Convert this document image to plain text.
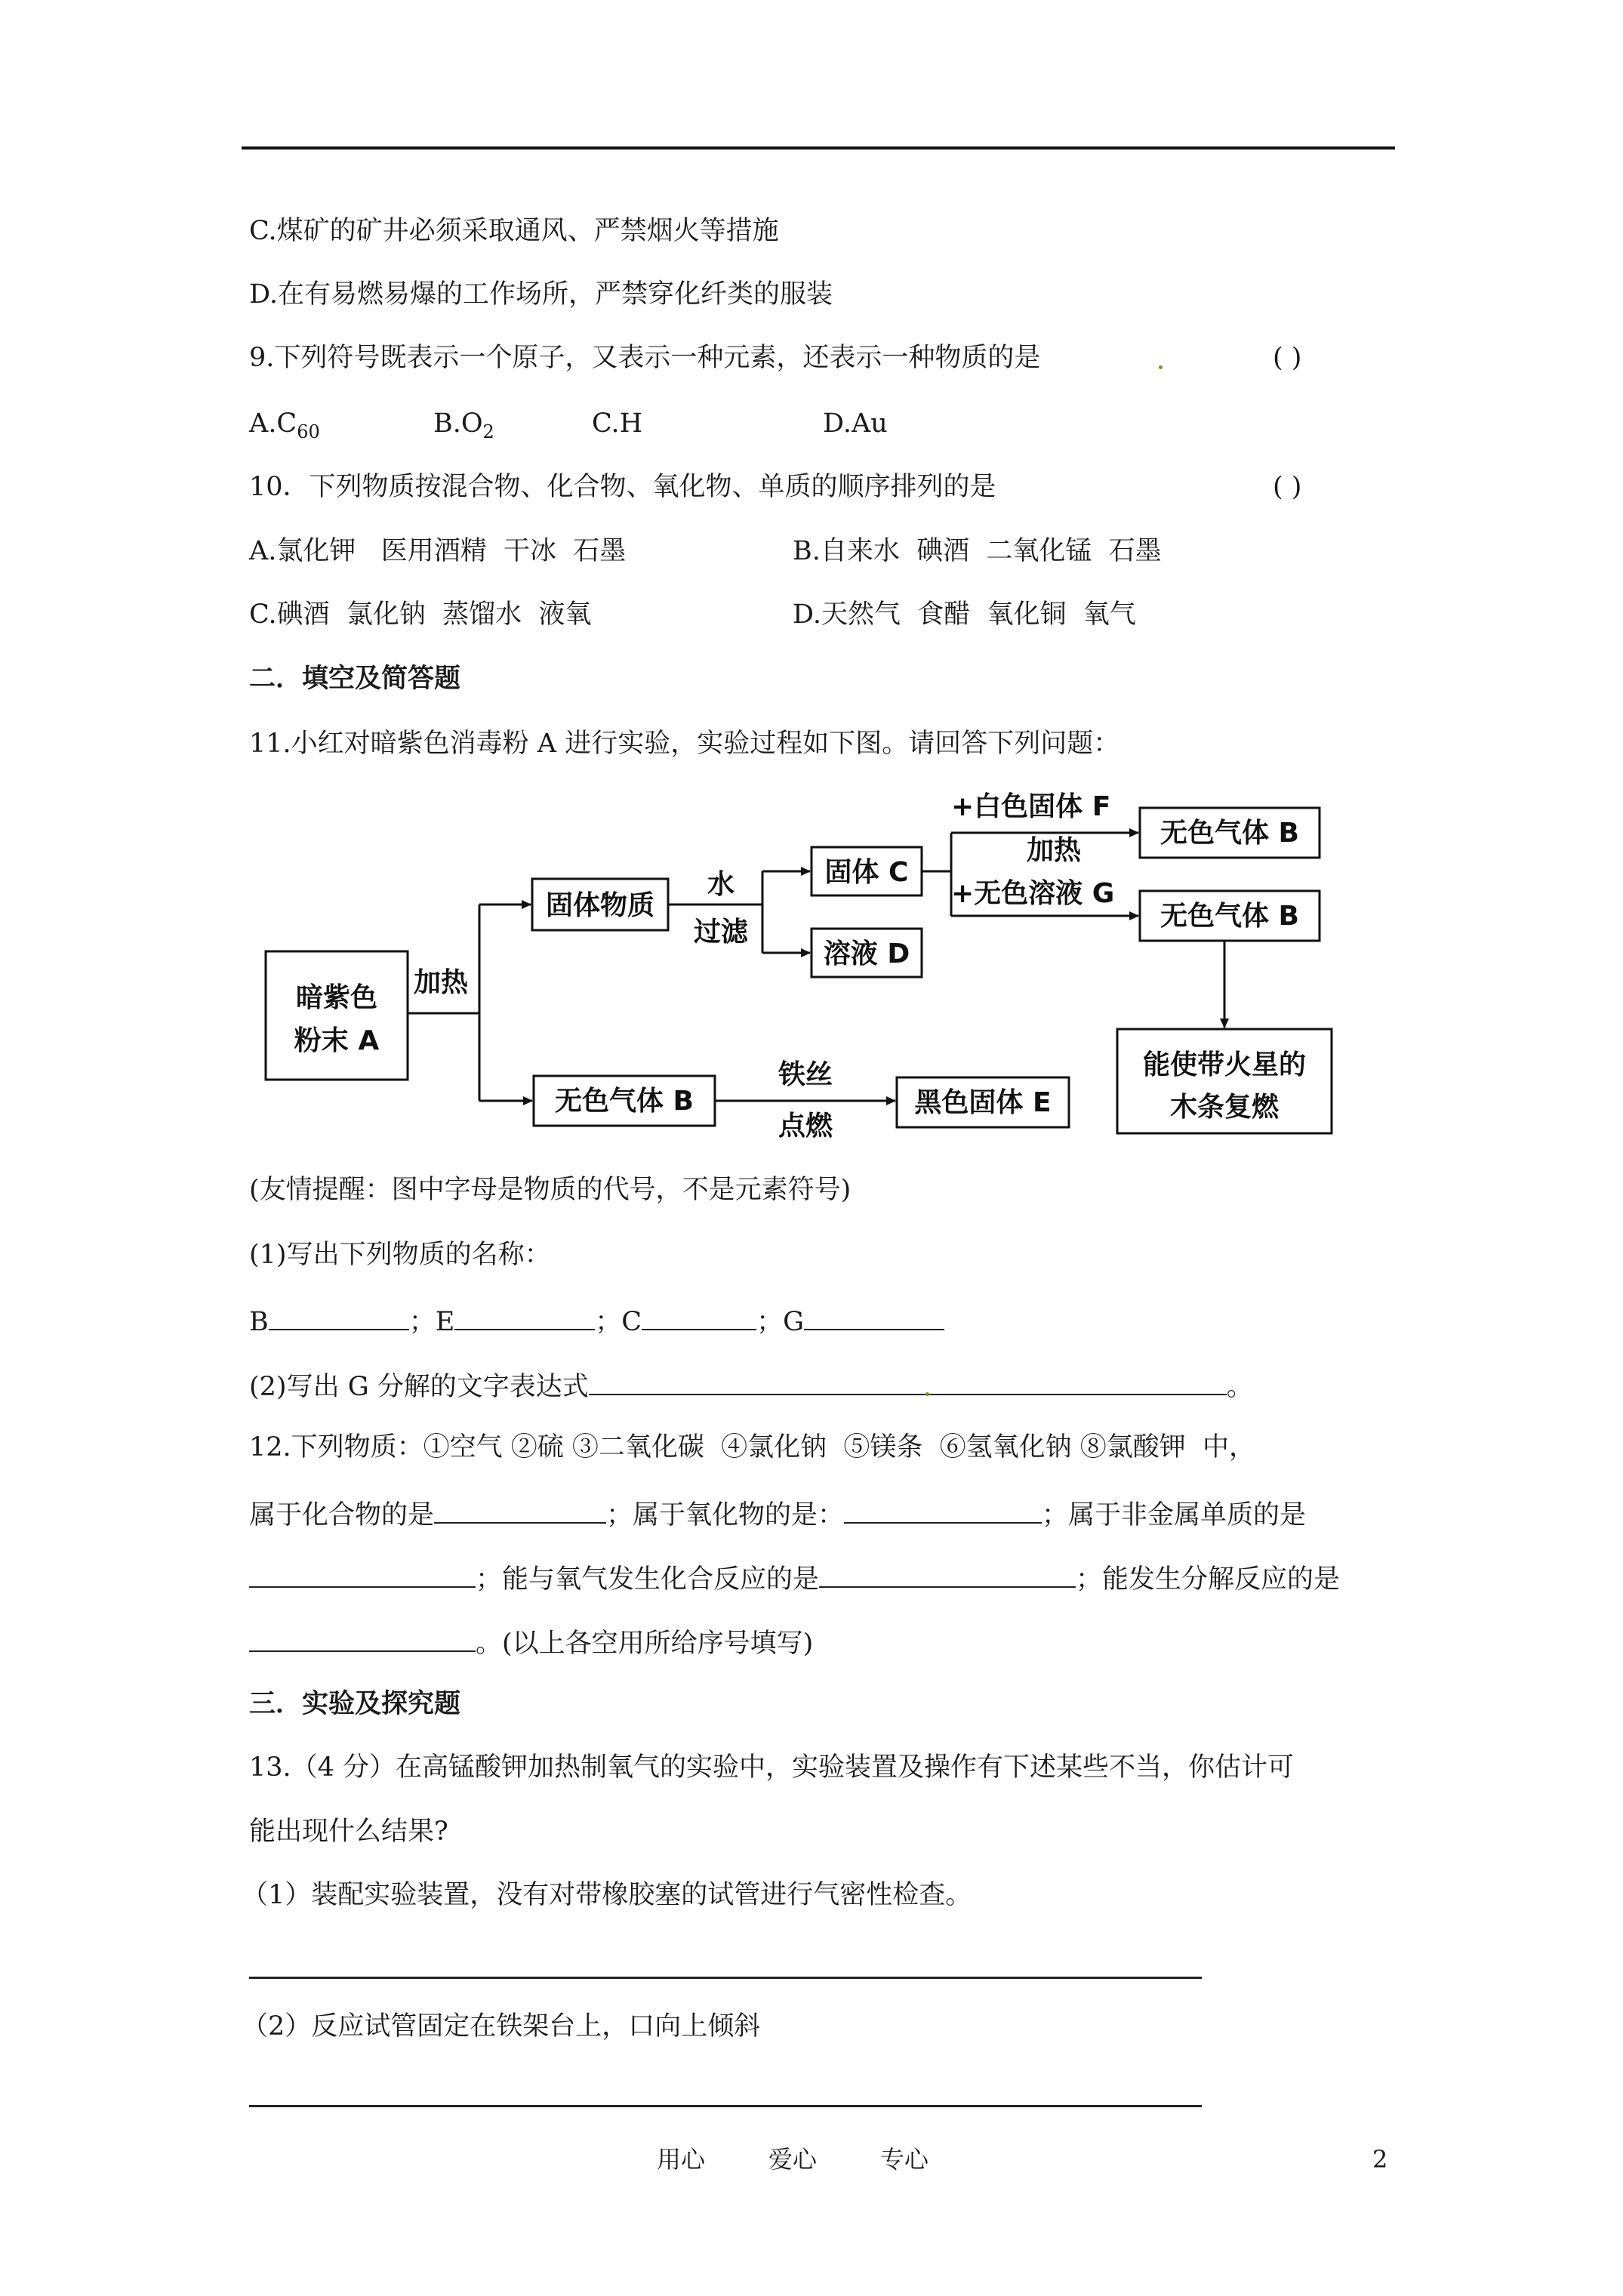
C.煤矿的矿井必须采取通风、严禁烟火等措施
D.在有易燃易爆的工作场所，严禁穿化纤类的服装
9.下列符号既表示一个原子，又表示一种元素，还表示一种物质的是	( )
$A.C_{60}$	$B.O_2$	C.H	D.Au
10．下列物质按混合物、化合物、氧化物、单质的顺序排列的是	( )
A.氯化钾   医用酒精  干冰  石墨	B.自来水  碘酒  二氧化锰  石墨
C.碘酒  氯化钠  蒸馏水  液氧	D.天然气  食醋  氧化铜  氧气
二．填空及简答题
11.小红对暗紫色消毒粉 A 进行实验，实验过程如下图。请回答下列问题：
暗紫色
粉末 A
加热
固体物质
水
过滤
固体 C
溶液 D
+白色固体 F
加热
+无色溶液 G
无色气体 B
无色气体 B
无色气体 B
能使带火星的
木条复燃
铁丝
点燃
黑色固体 E
(友情提醒：图中字母是物质的代号，不是元素符号)
(1)写出下列物质的名称：
B	；E	；C	；G
(2)写出 G 分解的文字表达式	。
12.下列物质：①空气 ②硫 ③二氧化碳  ④氯化钠  ⑤镁条  ⑥氢氧化钠 ⑧氯酸钾  中，
属于化合物的是	；属于氧化物的是：	；属于非金属单质的是
；能与氧气发生化合反应的是	；能发生分解反应的是
。(以上各空用所给序号填写)
三．实验及探究题
13.（4 分）在高锰酸钾加热制氧气的实验中，实验装置及操作有下述某些不当，你估计可
能出现什么结果?
（1）装配实验装置，没有对带橡胶塞的试管进行气密性检查。
（2）反应试管固定在铁架台上，口向上倾斜
用心	爱心	专心	2
